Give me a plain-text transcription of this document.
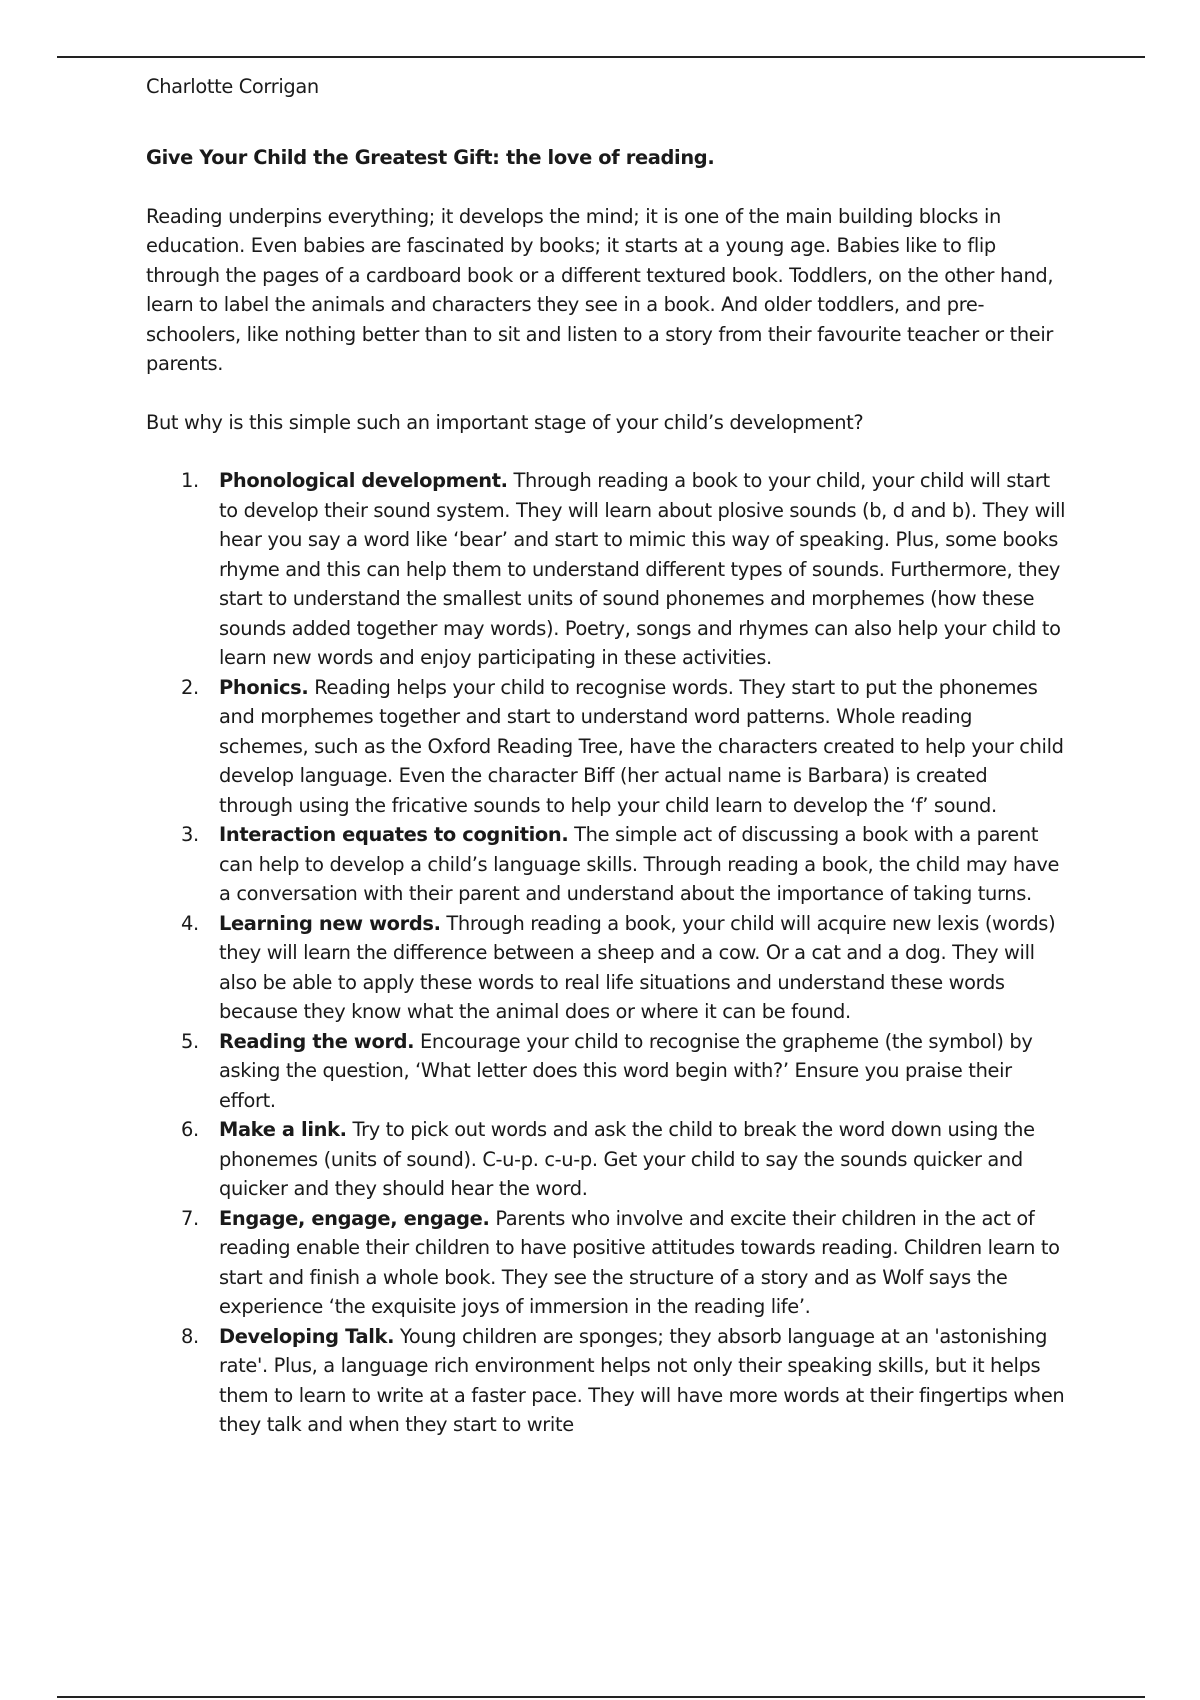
Charlotte Corrigan

Give Your Child the Greatest Gift: the love of reading.

Reading underpins everything; it develops the mind; it is one of the main building blocks in education. Even babies are fascinated by books; it starts at a young age. Babies like to flip through the pages of a cardboard book or a different textured book. Toddlers, on the other hand, learn to label the animals and characters they see in a book. And older toddlers, and pre-schoolers, like nothing better than to sit and listen to a story from their favourite teacher or their parents.

But why is this simple such an important stage of your child’s development?

1. Phonological development. Through reading a book to your child, your child will start to develop their sound system. They will learn about plosive sounds (b, d and b). They will hear you say a word like ‘bear’ and start to mimic this way of speaking. Plus, some books rhyme and this can help them to understand different types of sounds. Furthermore, they start to understand the smallest units of sound phonemes and morphemes (how these sounds added together may words). Poetry, songs and rhymes can also help your child to learn new words and enjoy participating in these activities.
2. Phonics. Reading helps your child to recognise words. They start to put the phonemes and morphemes together and start to understand word patterns. Whole reading schemes, such as the Oxford Reading Tree, have the characters created to help your child develop language. Even the character Biff (her actual name is Barbara) is created through using the fricative sounds to help your child learn to develop the ‘f’ sound.
3. Interaction equates to cognition. The simple act of discussing a book with a parent can help to develop a child’s language skills. Through reading a book, the child may have a conversation with their parent and understand about the importance of taking turns.
4. Learning new words. Through reading a book, your child will acquire new lexis (words) they will learn the difference between a sheep and a cow. Or a cat and a dog. They will also be able to apply these words to real life situations and understand these words because they know what the animal does or where it can be found.
5. Reading the word. Encourage your child to recognise the grapheme (the symbol) by asking the question, ‘What letter does this word begin with?’ Ensure you praise their effort.
6. Make a link. Try to pick out words and ask the child to break the word down using the phonemes (units of sound). C-u-p. c-u-p. Get your child to say the sounds quicker and quicker and they should hear the word.
7. Engage, engage, engage. Parents who involve and excite their children in the act of reading enable their children to have positive attitudes towards reading. Children learn to start and finish a whole book. They see the structure of a story and as Wolf says the experience ‘the exquisite joys of immersion in the reading life’.
8. Developing Talk. Young children are sponges; they absorb language at an 'astonishing rate'. Plus, a language rich environment helps not only their speaking skills, but it helps them to learn to write at a faster pace. They will have more words at their fingertips when they talk and when they start to write
